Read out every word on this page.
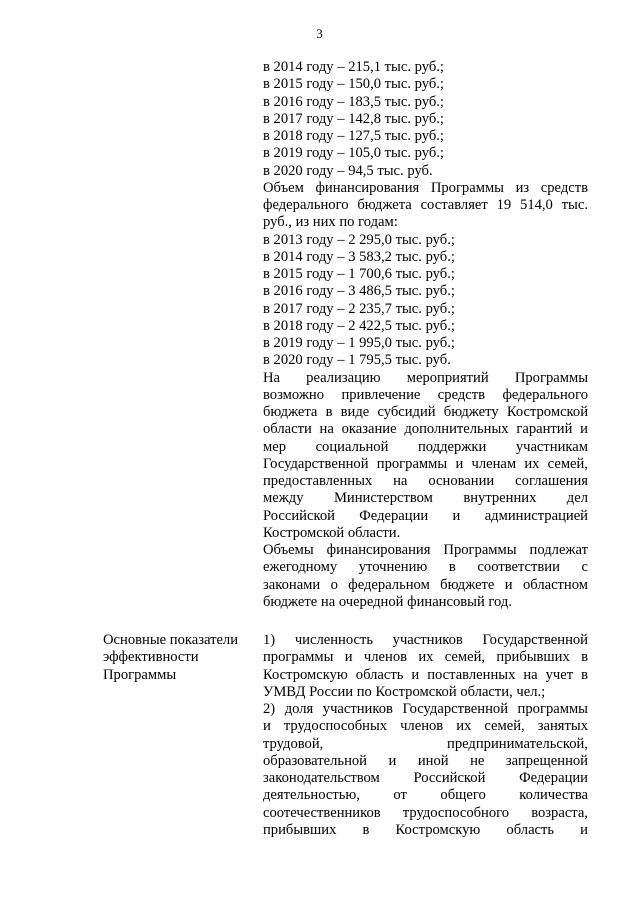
3

в 2014 году – 215,1 тыс. руб.;

в 2015 году – 150,0 тыс. руб.;

в 2016 году – 183,5 тыс. руб.;

в 2017 году – 142,8 тыс. руб.;

в 2018 году – 127,5 тыс. руб.;

в 2019 году – 105,0 тыс. руб.;

в 2020 году – 94,5 тыс. руб.

Объем финансирования Программы из средств

федерального бюджета составляет 19 514,0 тыс.

руб., из них по годам:

в 2013 году – 2 295,0 тыс. руб.;

в 2014 году – 3 583,2 тыс. руб.;

в 2015 году – 1 700,6 тыс. руб.;

в 2016 году – 3 486,5 тыс. руб.;

в 2017 году – 2 235,7 тыс. руб.;

в 2018 году – 2 422,5 тыс. руб.;

в 2019 году – 1 995,0 тыс. руб.;

в 2020 году – 1 795,5 тыс. руб.

На реализацию мероприятий Программы

возможно привлечение средств федерального

бюджета в виде субсидий бюджету Костромской

области на оказание дополнительных гарантий и

мер социальной поддержки участникам

Государственной программы и членам их семей,

предоставленных на основании соглашения

между Министерством внутренних дел

Российской Федерации и администрацией

Костромской области.

Объемы финансирования Программы подлежат

ежегодному уточнению в соответствии с

законами о федеральном бюджете и областном

бюджете на очередной финансовый год.

Основные показатели
эффективности
Программы

1) численность участников Государственной

программы и членов их семей, прибывших в

Костромскую область и поставленных на учет в

УМВД России по Костромской области, чел.;

2) доля участников Государственной программы

и трудоспособных членов их семей, занятых

трудовой, предпринимательской,

образовательной и иной не запрещенной

законодательством Российской Федерации

деятельностью, от общего количества

соотечественников трудоспособного возраста,

прибывших в Костромскую область и
